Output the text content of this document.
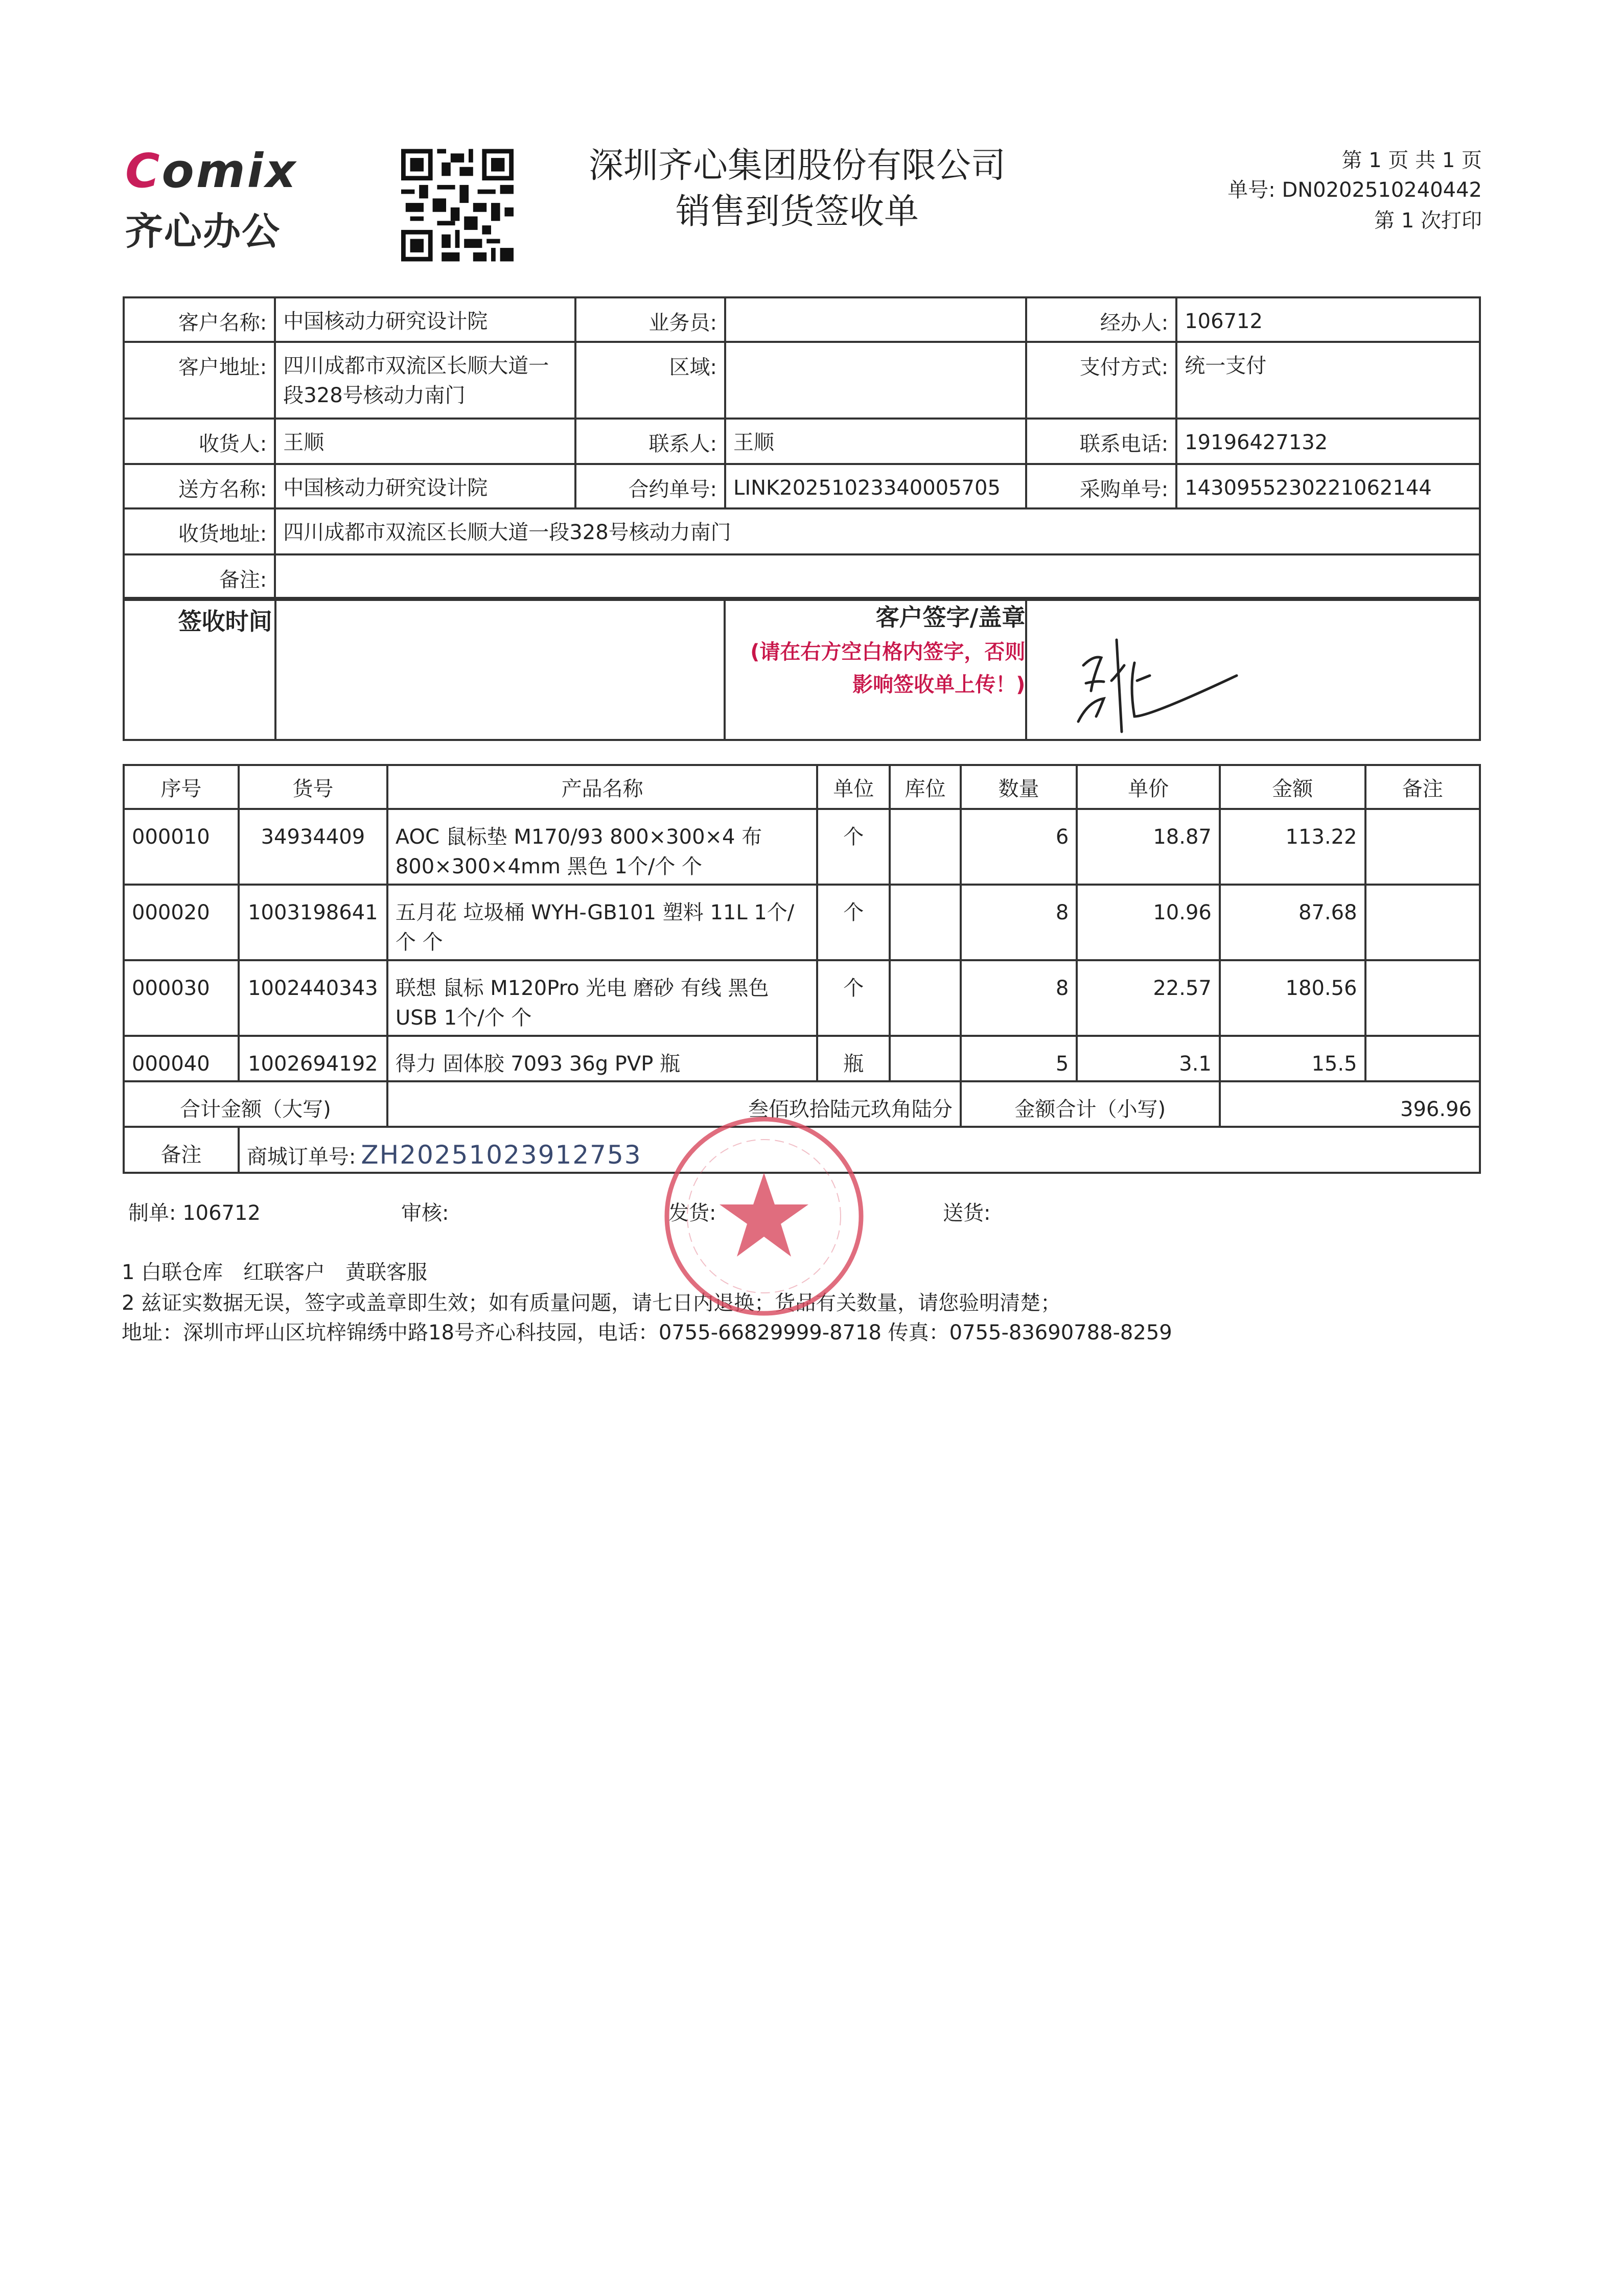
Comix
齐心办公
深圳齐心集团股份有限公司
销售到货签收单
第 1 页 共 1 页
单号: DN0202510240442
第 1 次打印
客户名称:	中国核动力研究设计院	业务员:		经办人:	106712
客户地址:	四川成都市双流区长顺大道一段328号核动力南门	区域:		支付方式:	统一支付
收货人:	王顺	联系人:	王顺	联系电话:	19196427132
送方名称:	中国核动力研究设计院	合约单号:	LINK20251023340005705	采购单号:	1430955230221062144
收货地址:	四川成都市双流区长顺大道一段328号核动力南门				
备注:					
签收时间		客户签字/盖章
(请在右方空白格内签字，否则影响签收单上传！)

序号	货号	产品名称	单位	库位	数量	单价	金额	备注
000010	34934409	AOC 鼠标垫 M170/93 800×300×4 布 800×300×4mm 黑色 1个/个 个	个		6	18.87	113.22	
000020	1003198641	五月花 垃圾桶 WYH-GB101 塑料 11L 1个/个 个	个		8	10.96	87.68	
000030	1002440343	联想 鼠标 M120Pro 光电 磨砂 有线 黑色 USB 1个/个 个	个		8	22.57	180.56	
000040	1002694192	得力 固体胶 7093 36g PVP 瓶	瓶		5	3.1	15.5	
合计金额（大写)		叁佰玖拾陆元玖角陆分			金额合计（小写)		396.96	
备注	商城订单号: ZH20251023912753							
制单: 106712	审核:	发货:	送货:
1 白联仓库　红联客户　黄联客服
2 兹证实数据无误，签字或盖章即生效；如有质量问题，请七日内退换；货品有关数量，请您验明清楚；
地址：深圳市坪山区坑梓锦绣中路18号齐心科技园，电话：0755-66829999-8718 传真：0755-83690788-8259
